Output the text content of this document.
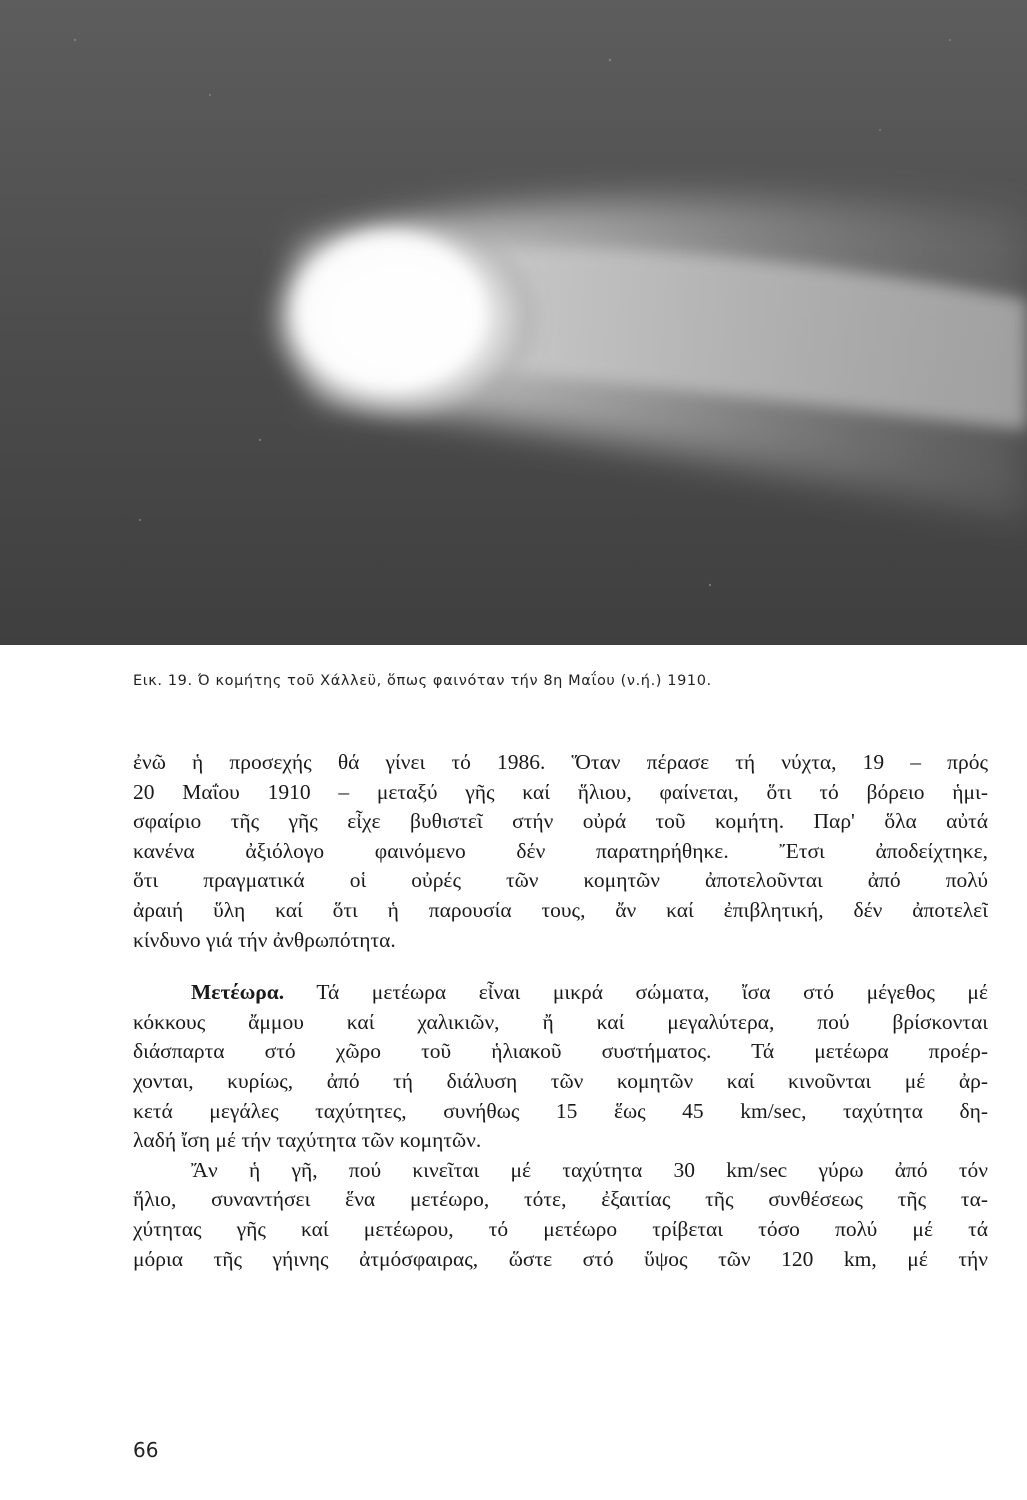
Εικ. 19. Ό κομήτης τοῦ Χάλλεϋ, ὅπως φαινόταν τήν 8η Μαΐου (ν.ή.) 1910.
ἐνῶ ἡ προσεχής θά γίνει τό 1986. Ὅταν πέρασε τή νύχτα, 19 – πρός
20 Μαΐου 1910 – μεταξύ γῆς καί ἥλιου, φαίνεται, ὅτι τό βόρειο ἡμι-
σφαίριο τῆς γῆς εἶχε βυθιστεῖ στήν οὐρά τοῦ κομήτη. Παρ' ὅλα αὐτά
κανένα ἀξιόλογο φαινόμενο δέν παρατηρήθηκε. Ἔτσι ἀποδείχτηκε,
ὅτι πραγματικά οἱ οὐρές τῶν κομητῶν ἀποτελοῦνται ἀπό πολύ
ἀραιή ὕλη καί ὅτι ἡ παρουσία τους, ἄν καί ἐπιβλητική, δέν ἀποτελεῖ
κίνδυνο γιά τήν ἀνθρωπότητα.
Μετέωρα. Τά μετέωρα εἶναι μικρά σώματα, ἴσα στό μέγεθος μέ
κόκκους ἄμμου καί χαλικιῶν, ἤ καί μεγαλύτερα, πού βρίσκονται
διάσπαρτα στό χῶρο τοῦ ἡλιακοῦ συστήματος. Τά μετέωρα προέρ-
χονται, κυρίως, ἀπό τή διάλυση τῶν κομητῶν καί κινοῦνται μέ ἀρ-
κετά μεγάλες ταχύτητες, συνήθως 15 ἕως 45 km/sec, ταχύτητα δη-
λαδή ἴση μέ τήν ταχύτητα τῶν κομητῶν.
Ἄν ἡ γῆ, πού κινεῖται μέ ταχύτητα 30 km/sec γύρω ἀπό τόν
ἥλιο, συναντήσει ἕνα μετέωρο, τότε, ἐξαιτίας τῆς συνθέσεως τῆς τα-
χύτητας γῆς καί μετέωρου, τό μετέωρο τρίβεται τόσο πολύ μέ τά
μόρια τῆς γήινης ἀτμόσφαιρας, ὥστε στό ὕψος τῶν 120 km, μέ τήν
66
